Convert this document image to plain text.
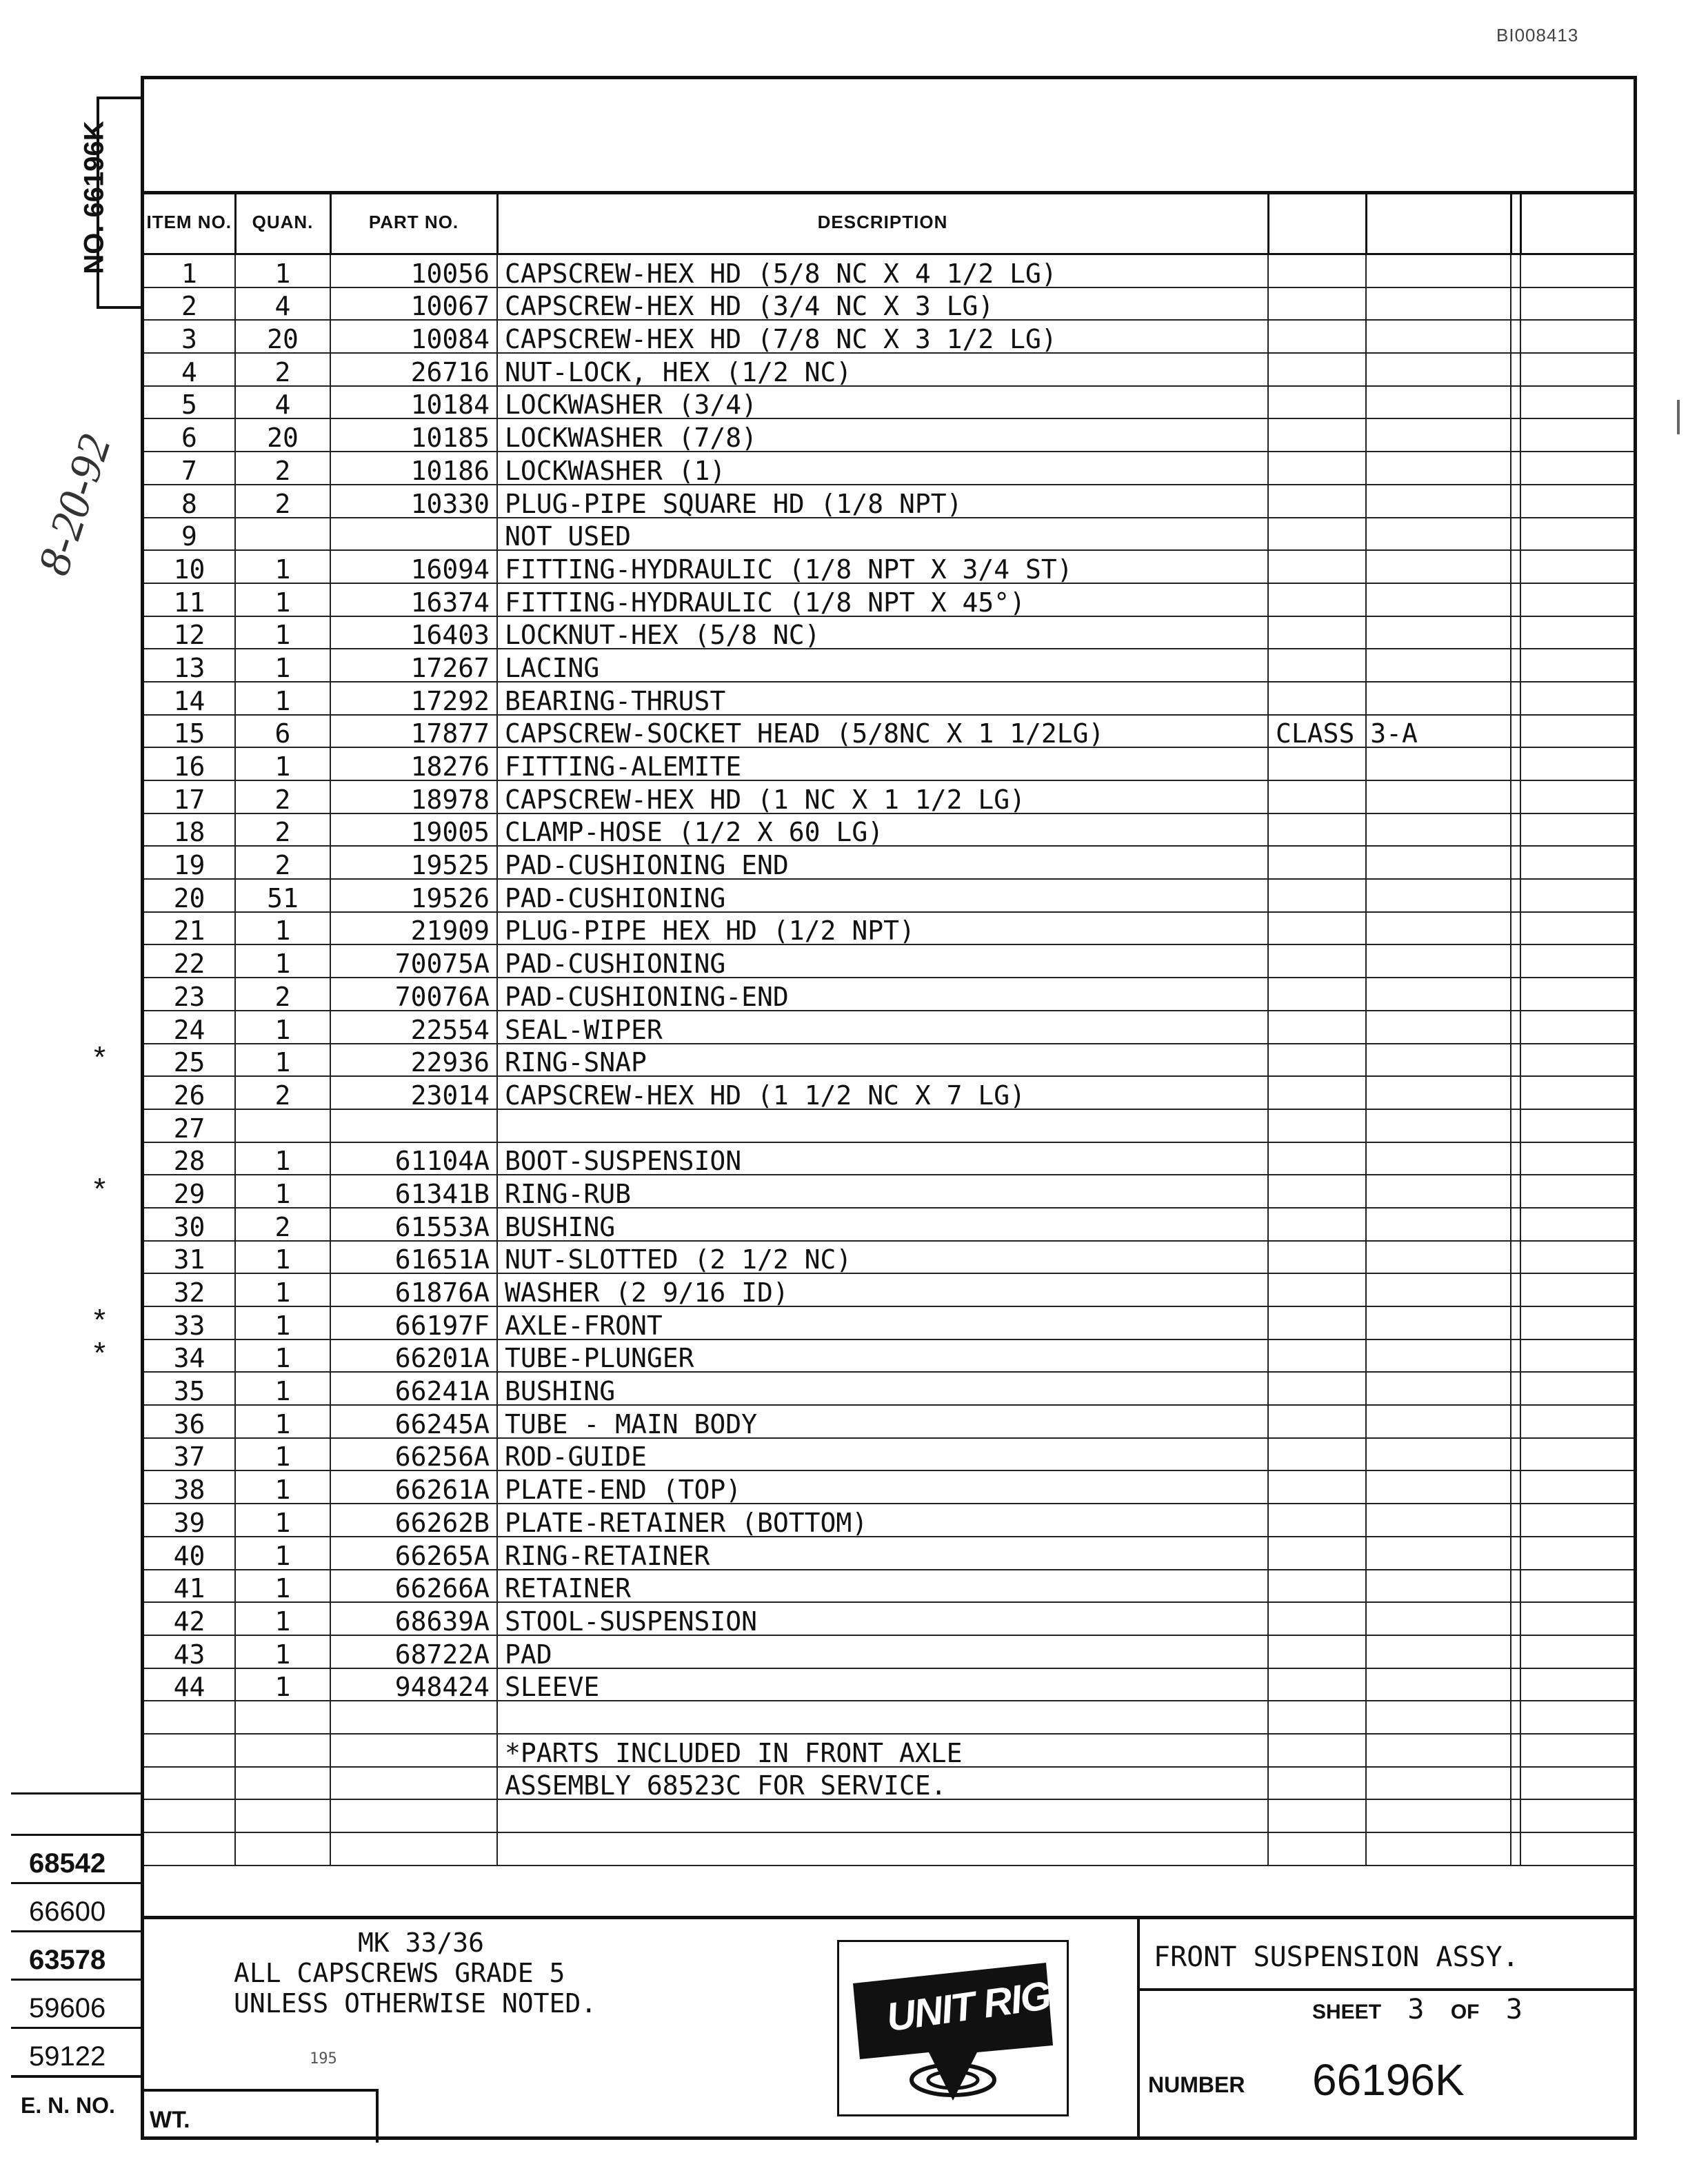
BI008413
NO. 66196K
8-20-92
*
*
*
*
ITEM NO.	QUAN.	PART NO.	DESCRIPTION				
1	1	10056	CAPSCREW-HEX HD (5/8 NC X 4 1/2 LG)				
2	4	10067	CAPSCREW-HEX HD (3/4 NC X 3 LG)				
3	20	10084	CAPSCREW-HEX HD (7/8 NC X 3 1/2 LG)				
4	2	26716	NUT-LOCK, HEX (1/2 NC)				
5	4	10184	LOCKWASHER (3/4)				
6	20	10185	LOCKWASHER (7/8)				
7	2	10186	LOCKWASHER (1)				
8	2	10330	PLUG-PIPE SQUARE HD (1/8 NPT)				
9			NOT USED				
10	1	16094	FITTING-HYDRAULIC (1/8 NPT X 3/4 ST)				
11	1	16374	FITTING-HYDRAULIC (1/8 NPT X 45°)				
12	1	16403	LOCKNUT-HEX (5/8 NC)				
13	1	17267	LACING				
14	1	17292	BEARING-THRUST				
15	6	17877	CAPSCREW-SOCKET HEAD (5/8NC X 1 1/2LG)	CLASS 3-A			
16	1	18276	FITTING-ALEMITE				
17	2	18978	CAPSCREW-HEX HD (1 NC X 1 1/2 LG)				
18	2	19005	CLAMP-HOSE (1/2 X 60 LG)				
19	2	19525	PAD-CUSHIONING END				
20	51	19526	PAD-CUSHIONING				
21	1	21909	PLUG-PIPE HEX HD (1/2 NPT)				
22	1	70075A	PAD-CUSHIONING				
23	2	70076A	PAD-CUSHIONING-END				
24	1	22554	SEAL-WIPER				
25	1	22936	RING-SNAP				
26	2	23014	CAPSCREW-HEX HD (1 1/2 NC X 7 LG)				
27							
28	1	61104A	BOOT-SUSPENSION				
29	1	61341B	RING-RUB				
30	2	61553A	BUSHING				
31	1	61651A	NUT-SLOTTED (2 1/2 NC)				
32	1	61876A	WASHER (2 9/16 ID)				
33	1	66197F	AXLE-FRONT				
34	1	66201A	TUBE-PLUNGER				
35	1	66241A	BUSHING				
36	1	66245A	TUBE - MAIN BODY				
37	1	66256A	ROD-GUIDE				
38	1	66261A	PLATE-END (TOP)				
39	1	66262B	PLATE-RETAINER (BOTTOM)				
40	1	66265A	RING-RETAINER				
41	1	66266A	RETAINER				
42	1	68639A	STOOL-SUSPENSION				
43	1	68722A	PAD				
44	1	948424	SLEEVE				

			*PARTS INCLUDED IN FRONT AXLE				
			ASSEMBLY 68523C FOR SERVICE.				

MK 33/36
ALL CAPSCREWS GRADE 5
UNLESS OTHERWISE NOTED.
195
UNIT RIG
FRONT SUSPENSION ASSY.
SHEET 3 OF 3
NUMBER 66196K
WT.
68542
66600
63578
59606
59122
E. N. NO.
